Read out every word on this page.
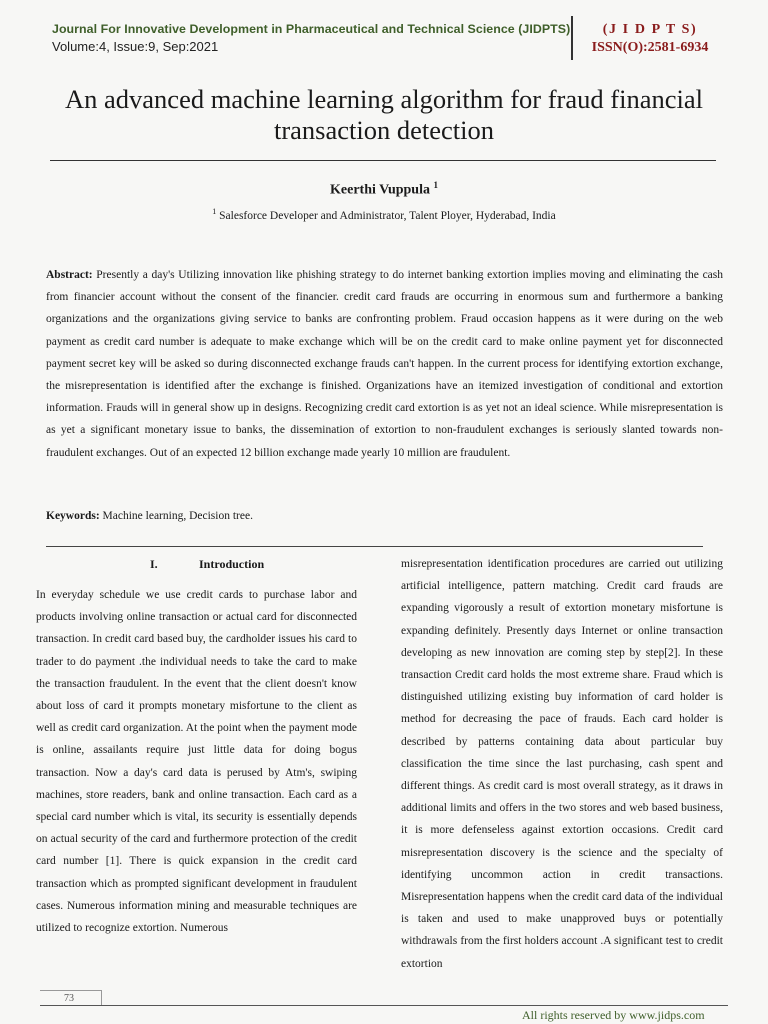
Journal For Innovative Development in Pharmaceutical and Technical Science (JIDPTS)
Volume:4, Issue:9, Sep:2021
(J I D P T S)
ISSN(O):2581-6934
An advanced machine learning algorithm for fraud financial transaction detection
Keerthi Vuppula $^1$
$^1$ Salesforce Developer and Administrator, Talent Ployer, Hyderabad, India

Abstract: Presently a day's Utilizing innovation like phishing strategy to do internet banking extortion implies moving and eliminating the cash from financier account without the consent of the financier. credit card frauds are occurring in enormous sum and furthermore a banking organizations and the organizations giving service to banks are confronting problem. Fraud occasion happens as it were during on the web payment as credit card number is adequate to make exchange which will be on the credit card to make online payment yet for disconnected payment secret key will be asked so during disconnected exchange frauds can't happen. In the current process for identifying extortion exchange, the misrepresentation is identified after the exchange is finished. Organizations have an itemized investigation of conditional and extortion information. Frauds will in general show up in designs. Recognizing credit card extortion is as yet not an ideal science. While misrepresentation is as yet a significant monetary issue to banks, the dissemination of extortion to non-fraudulent exchanges is seriously slanted towards non-fraudulent exchanges. Out of an expected 12 billion exchange made yearly 10 million are fraudulent.

Keywords: Machine learning, Decision tree.

I.	Introduction

In everyday schedule we use credit cards to purchase labor and products involving online transaction or actual card for disconnected transaction. In credit card based buy, the cardholder issues his card to trader to do payment .the individual needs to take the card to make the transaction fraudulent. In the event that the client doesn't know about loss of card it prompts monetary misfortune to the client as well as credit card organization. At the point when the payment mode is online, assailants require just little data for doing bogus transaction. Now a day's card data is perused by Atm's, swiping machines, store readers, bank and online transaction. Each card as a special card number which is vital, its security is essentially depends on actual security of the card and furthermore protection of the credit card number [1]. There is quick expansion in the credit card transaction which as prompted significant development in fraudulent cases. Numerous information mining and measurable techniques are utilized to recognize extortion. Numerous

misrepresentation identification procedures are carried out utilizing artificial intelligence, pattern matching. Credit card frauds are expanding vigorously a result of extortion monetary misfortune is expanding definitely. Presently days Internet or online transaction developing as new innovation are coming step by step[2]. In these transaction Credit card holds the most extreme share. Fraud which is distinguished utilizing existing buy information of card holder is method for decreasing the pace of frauds. Each card holder is described by patterns containing data about particular buy classification the time since the last purchasing, cash spent and different things. As credit card is most overall strategy, as it draws in additional limits and offers in the two stores and web based business, it is more defenseless against extortion occasions. Credit card misrepresentation discovery is the science and the specialty of identifying uncommon action in credit transactions. Misrepresentation happens when the credit card data of the individual is taken and used to make unapproved buys or potentially withdrawals from the first holders account .A significant test to credit extortion

73
All rights reserved by www.jidps.com
